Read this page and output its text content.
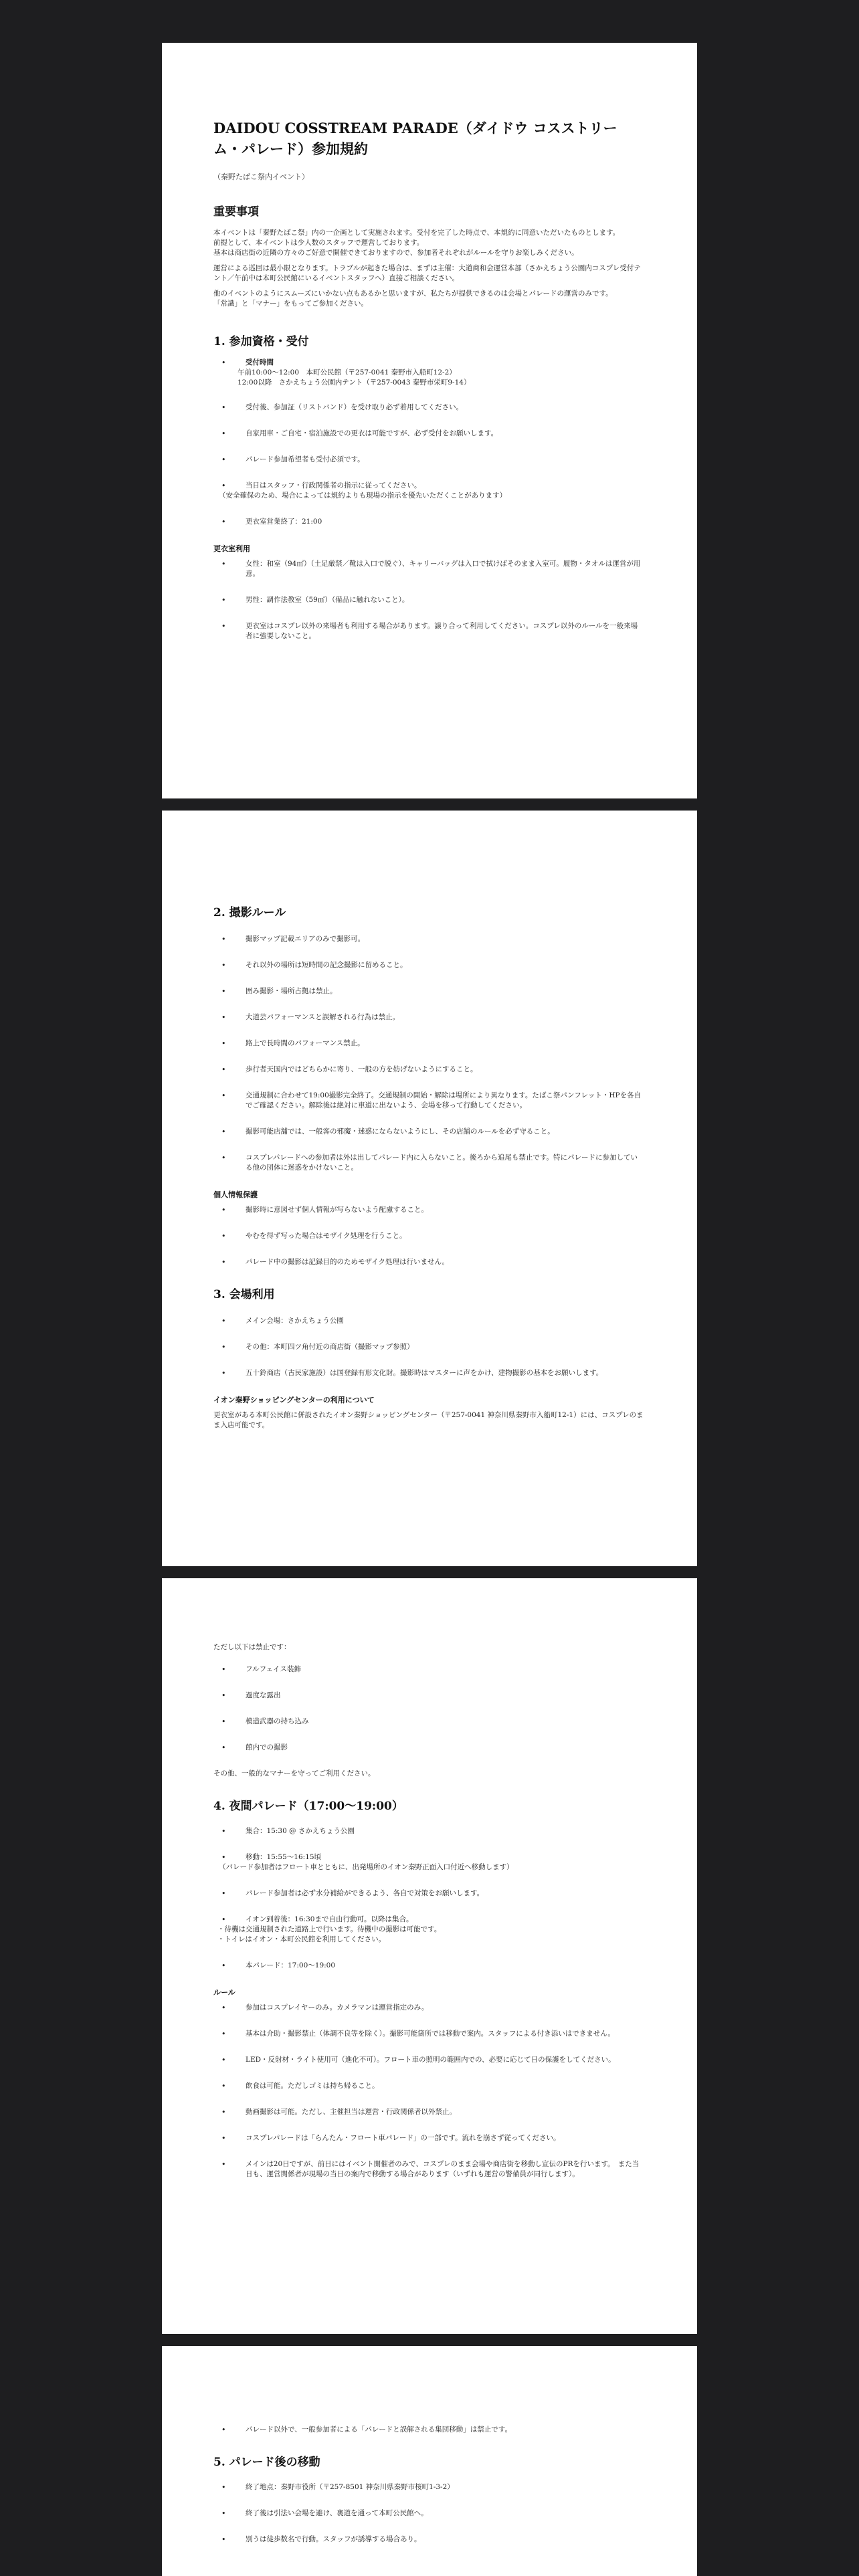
DAIDOU COSSTREAM PARADE（ダイドウ コスストリーム・パレード）参加規約
（秦野たばこ祭内イベント）
重要事項

本イベントは「秦野たばこ祭」内の一企画として実施されます。受付を完了した時点で、本規約に同意いただいたものとします。
前提として、本イベントは少人数のスタッフで運営しております。
基本は商店街の近隣の方々のご好意で開催できておりますので、参加者それぞれがルールを守りお楽しみください。

運営による巡回は最小限となります。トラブルが起きた場合は、まずは主催：大道商和会運営本部（さかえちょう公園内コスプレ受付テント／午前中は本町公民館にいるイベントスタッフへ）直接ご相談ください。

他のイベントのようにスムーズにいかない点もあるかと思いますが、私たちが提供できるのは会場とパレードの運営のみです。
「常識」と「マナー」をもってご参加ください。

1. 参加資格・受付
• 受付時間
午前10:00〜12:00　本町公民館（〒257-0041 秦野市入船町12-2）
12:00以降　さかえちょう公園内テント（〒257-0043 秦野市栄町9-14）
• 受付後、参加証（リストバンド）を受け取り必ず着用してください。
• 自家用車・ご自宅・宿泊施設での更衣は可能ですが、必ず受付をお願いします。
• パレード参加希望者も受付必須です。
• 当日はスタッフ・行政関係者の指示に従ってください。
（安全確保のため、場合によっては規約よりも現場の指示を優先いただくことがあります）
• 更衣室営業終了：21:00
更衣室利用
• 女性：和室（94㎡）（土足厳禁／靴は入口で脱ぐ）、キャリーバッグは入口で拭けばそのまま入室可。履物・タオルは運営が用意。
• 男性：調作法教室（59㎡）（備品に触れないこと）。
• 更衣室はコスプレ以外の来場者も利用する場合があります。譲り合って利用してください。コスプレ以外のルールを一般来場者に強要しないこと。
2. 撮影ルール
• 撮影マップ記載エリアのみで撮影可。
• それ以外の場所は短時間の記念撮影に留めること。
• 囲み撮影・場所占拠は禁止。
• 大道芸パフォーマンスと誤解される行為は禁止。
• 路上で長時間のパフォーマンス禁止。
• 歩行者天国内ではどちらかに寄り、一般の方を妨げないようにすること。
• 交通規制に合わせて19:00撮影完全終了。交通規制の開始・解除は場所により異なります。たばこ祭パンフレット・HPを各自でご確認ください。解除後は絶対に車道に出ないよう、会場を移って行動してください。
• 撮影可能店舗では、一般客の邪魔・迷惑にならないようにし、その店舗のルールを必ず守ること。
• コスプレパレードへの参加者は外は出してパレード内に入らないこと。後ろから追尾も禁止です。特にパレードに参加している他の団体に迷惑をかけないこと。
個人情報保護
• 撮影時に意図せず個人情報が写らないよう配慮すること。
• やむを得ず写った場合はモザイク処理を行うこと。
• パレード中の撮影は記録目的のためモザイク処理は行いません。
3. 会場利用
• メイン会場：さかえちょう公園
• その他：本町四ツ角付近の商店街（撮影マップ参照）
• 五十鈴商店（古民家施設）は国登録有形文化財。撮影時はマスターに声をかけ、建物撮影の基本をお願いします。
イオン秦野ショッピングセンターの利用について

更衣室がある本町公民館に併設されたイオン秦野ショッピングセンター（〒257-0041 神奈川県秦野市入船町12-1）には、コスプレのまま入店可能です。

ただし以下は禁止です：

• フルフェイス装飾
• 過度な露出
• 模造武器の持ち込み
• 館内での撮影

その他、一般的なマナーを守ってご利用ください。

4. 夜間パレード（17:00〜19:00）
• 集合：15:30 @ さかえちょう公園
• 移動：15:55〜16:15頃
（パレード参加者はフロート車とともに、出発場所のイオン秦野正面入口付近へ移動します）
• パレード参加者は必ず水分補給ができるよう、各自で対策をお願いします。
• イオン到着後：16:30まで自由行動可。以降は集合。
・待機は交通規制された道路上で行います。待機中の撮影は可能です。
・トイレはイオン・本町公民館を利用してください。
• 本パレード：17:00〜19:00
ルール
• 参加はコスプレイヤーのみ。カメラマンは運営指定のみ。
• 基本は介助・撮影禁止（体調不良等を除く）。撮影可能箇所では移動で案内。スタッフによる付き添いはできません。
• LED・反射材・ライト使用可（進化不可）。フロート車の照明の範囲内での、必要に応じて日の保護をしてください。
• 飲食は可能。ただしゴミは持ち帰ること。
• 動画撮影は可能。ただし、主催担当は運営・行政関係者以外禁止。
• コスプレパレードは「らんたん・フロート車パレード」の一部です。流れを崩さず従ってください。
• メインは20日ですが、前日にはイベント開催者のみで、コスプレのまま会場や商店街を移動し宣伝のPRを行います。　また当日も、運営関係者が現場の当日の案内で移動する場合があります（いずれも運営の警備員が同行します）。
• パレード以外で、一般参加者による「パレードと誤解される集団移動」は禁止です。
5. パレード後の移動
• 終了地点：秦野市役所（〒257-8501 神奈川県秦野市桜町1-3-2）
• 終了後は引法い会場を避け、裏道を通って本町公民館へ。
• 別うは徒歩数名で行動。スタッフが誘導する場合あり。
